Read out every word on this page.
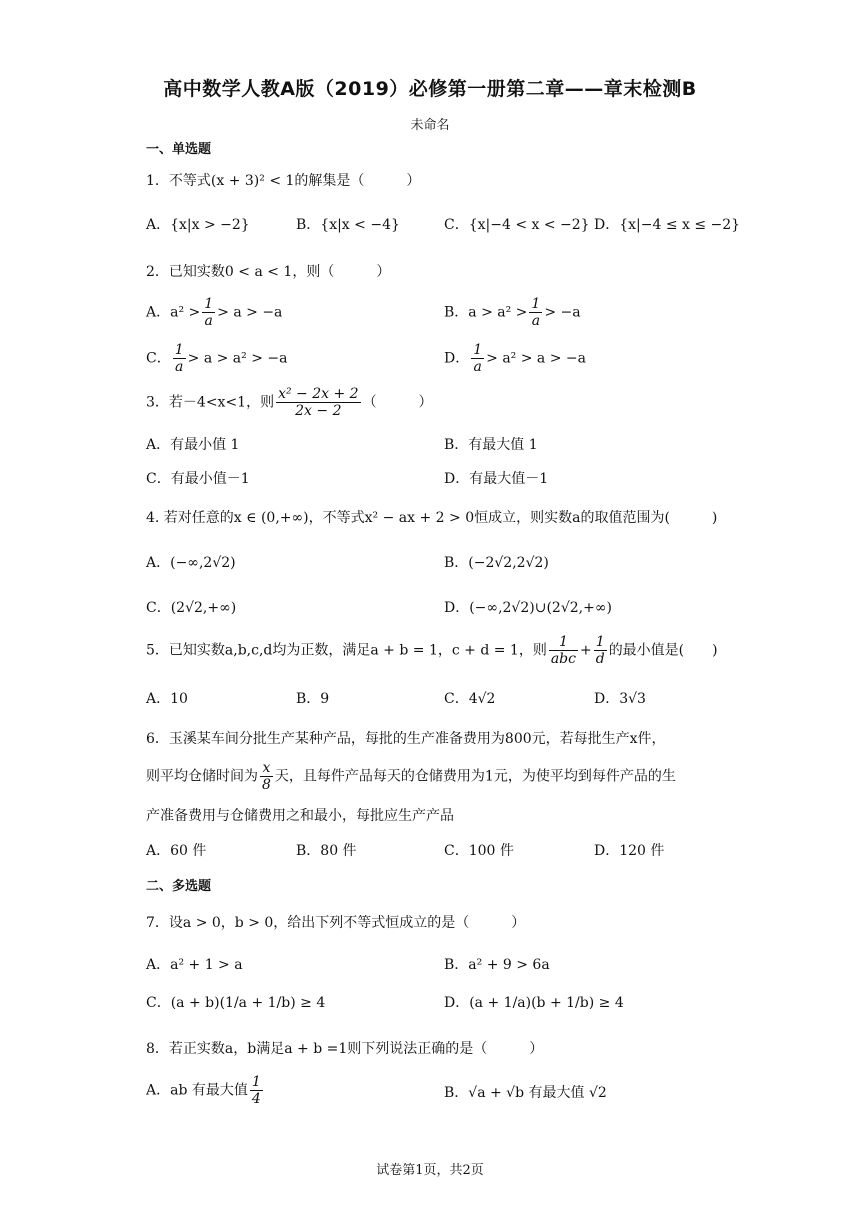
高中数学人教A版（2019）必修第一册第二章——章末检测B
未命名
一、单选题
1．不等式(x + 3)² < 1的解集是（　　　）
A．{x|x > −2}	B．{x|x < −4}	C．{x|−4 < x < −2} D．{x|−4 ≤ x ≤ −2}
2．已知实数0 < a < 1，则（　　　）
A．$a^2 > \frac{1}{a} > a > -a$	B．$a > a^2 > \frac{1}{a} > -a$
C． $\frac{1}{a} > a > a^2 > -a$	D． $\frac{1}{a} > a^2 > a > -a$
3．若－4<x<1，则 $\frac{\text{x² − 2x + 2}}{2x - 2}$ （　　　）
A．有最小值 1	B．有最大值 1
C．有最小值－1	D．有最大值－1
4. 若对任意的x ∈ (0,+∞)，不等式x² − ax + 2 > 0恒成立，则实数a的取值范围为(　　　)
A．(−∞,2√2)	B．(−2√2,2√2)
C．(2√2,+∞)	D．(−∞,2√2)∪(2√2,+∞)
5．已知实数a,b,c,d均为正数，满足a + b = 1，c + d = 1，则 $\frac{1}{\text{abc}} + \frac{1}{d}$ 的最小值是(　　)
A．10	B．9	C．4√2	D．3√3
6．玉溪某车间分批生产某种产品，每批的生产准备费用为800元，若每批生产x件，
则平均仓储时间为 $\frac{x}{8}$ 天，且每件产品每天的仓储费用为1元，为使平均到每件产品的生
产准备费用与仓储费用之和最小，每批应生产产品
A．60 件	B．80 件	C．100 件	D．120 件
二、多选题
7．设a > 0，b > 0，给出下列不等式恒成立的是（　　　）
A．a² + 1 > a	B．a² + 9 > 6a
C．(a + b)(1/a + 1/b) ≥ 4	D．(a + 1/a)(b + 1/b) ≥ 4
8．若正实数a，b满足a + b =1则下列说法正确的是（　　　）
A．ab 有最大值 $\frac{1}{4}$	B．√a + √b 有最大值 √2
试卷第1页，共2页
